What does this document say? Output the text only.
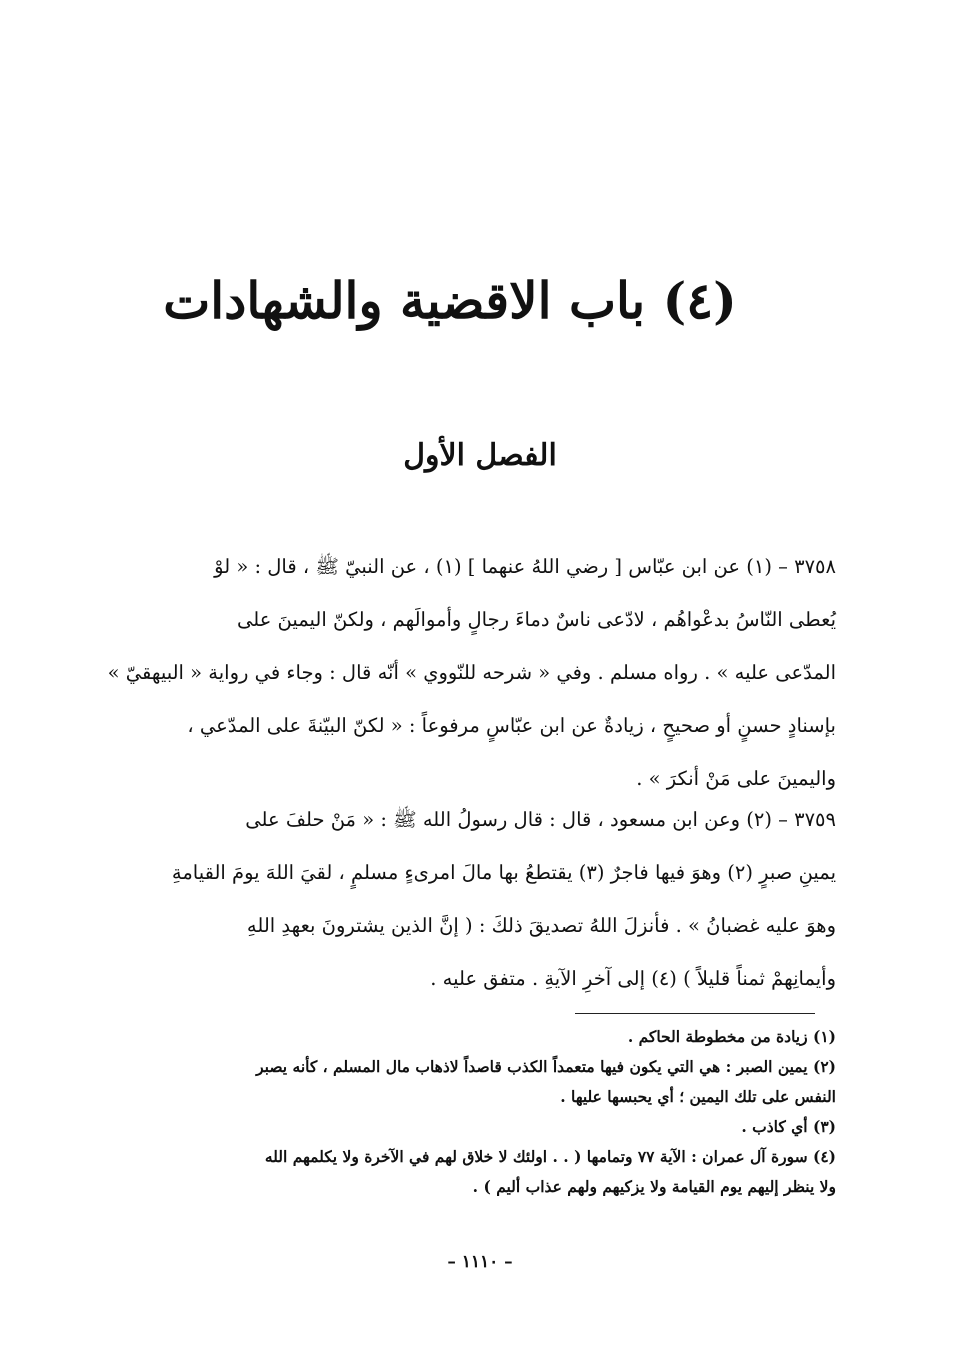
(٤) باب الاقضية والشهادات
الفصل الأول
٣٧٥٨ – (١) عن ابن عبّاس [ رضي اللهُ عنهما ] (١) ، عن النبيّ ﷺ ، قال : « لوْ
يُعطى النّاسُ بدعْواهُم ، لادّعى ناسٌ دماءَ رجالٍ وأموالَهم ، ولكنّ اليمينَ على
المدّعى عليه » . رواه مسلم . وفي « شرحه للنّووي » أنّه قال : وجاء في رواية « البيهقيّ »
بإسنادٍ حسنٍ أو صحيحٍ ، زيادةٌ عن ابن عبّاسٍ مرفوعاً : « لكنّ البيّنةَ على المدّعي ،
واليمينَ على مَنْ أنكرَ » .
٣٧٥٩ – (٢) وعن ابن مسعود ، قال : قال رسولُ الله ﷺ : « مَنْ حلفَ على
يمينِ صبرٍ (٢) وهوَ فيها فاجرٌ (٣) يقتطعُ بها مالَ امرىءٍ مسلمٍ ، لقيَ اللهَ يومَ القيامةِ
وهوَ عليه غضبانُ » . فأنزلَ اللهُ تصديقَ ذلكَ : ( إنَّ الذين يشترونَ بعهدِ اللهِ
وأيمانِهمْ ثمناً قليلاً ) (٤) إلى آخرِ الآيةِ . متفق عليه .
(١) زيادة من مخطوطة الحاكم .
(٢) يمين الصبر : هي التي يكون فيها متعمداً الكذب قاصداً لاذهاب مال المسلم ، كأنه يصبر
النفس على تلك اليمين ؛ أي يحبسها عليها .
(٣) أي كاذب .
(٤) سورة آل عمران : الآية ٧٧ وتمامها ( . . اولئك لا خلاق لهم في الآخرة ولا يكلمهم الله
ولا ينظر إليهم يوم القيامة ولا يزكيهم ولهم عذاب أليم ) .
– ١١١٠ –
